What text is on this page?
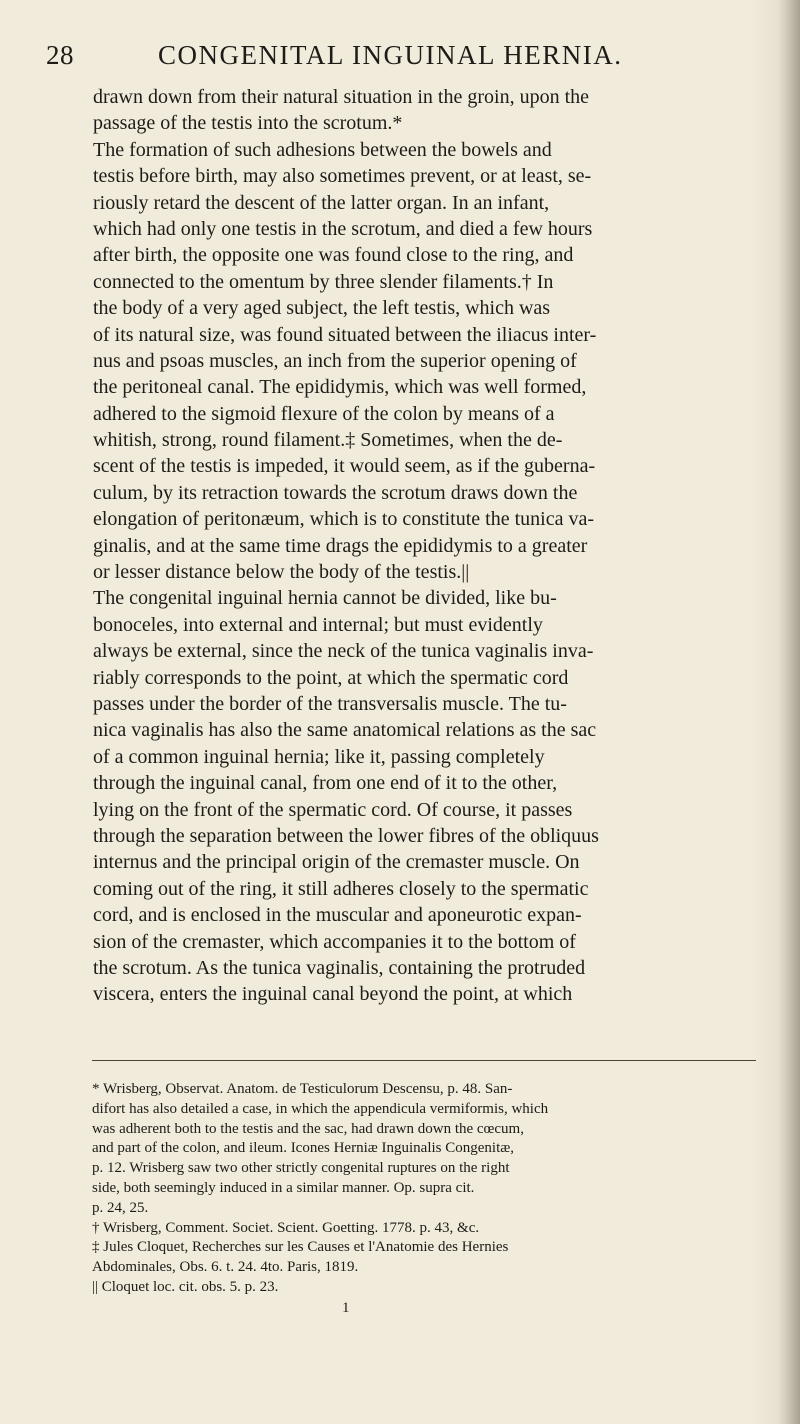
28	CONGENITAL INGUINAL HERNIA.
drawn down from their natural situation in the groin, upon the
passage of the testis into the scrotum.*
The formation of such adhesions between the bowels and
testis before birth, may also sometimes prevent, or at least, se-
riously retard the descent of the latter organ. In an infant,
which had only one testis in the scrotum, and died a few hours
after birth, the opposite one was found close to the ring, and
connected to the omentum by three slender filaments.† In
the body of a very aged subject, the left testis, which was
of its natural size, was found situated between the iliacus inter-
nus and psoas muscles, an inch from the superior opening of
the peritoneal canal. The epididymis, which was well formed,
adhered to the sigmoid flexure of the colon by means of a
whitish, strong, round filament.‡ Sometimes, when the de-
scent of the testis is impeded, it would seem, as if the guberna-
culum, by its retraction towards the scrotum draws down the
elongation of peritonæum, which is to constitute the tunica va-
ginalis, and at the same time drags the epididymis to a greater
or lesser distance below the body of the testis.||
The congenital inguinal hernia cannot be divided, like bu-
bonoceles, into external and internal; but must evidently
always be external, since the neck of the tunica vaginalis inva-
riably corresponds to the point, at which the spermatic cord
passes under the border of the transversalis muscle. The tu-
nica vaginalis has also the same anatomical relations as the sac
of a common inguinal hernia; like it, passing completely
through the inguinal canal, from one end of it to the other,
lying on the front of the spermatic cord. Of course, it passes
through the separation between the lower fibres of the obliquus
internus and the principal origin of the cremaster muscle. On
coming out of the ring, it still adheres closely to the spermatic
cord, and is enclosed in the muscular and aponeurotic expan-
sion of the cremaster, which accompanies it to the bottom of
the scrotum. As the tunica vaginalis, containing the protruded
viscera, enters the inguinal canal beyond the point, at which
* Wrisberg, Observat. Anatom. de Testiculorum Descensu, p. 48. San-
difort has also detailed a case, in which the appendicula vermiformis, which
was adherent both to the testis and the sac, had drawn down the cœcum,
and part of the colon, and ileum. Icones Herniæ Inguinalis Congenitæ,
p. 12. Wrisberg saw two other strictly congenital ruptures on the right
side, both seemingly induced in a similar manner. Op. supra cit.
p. 24, 25.
† Wrisberg, Comment. Societ. Scient. Goetting. 1778. p. 43, &c.
‡ Jules Cloquet, Recherches sur les Causes et l'Anatomie des Hernies
Abdominales, Obs. 6. t. 24. 4to. Paris, 1819.
|| Cloquet loc. cit. obs. 5. p. 23.
1
